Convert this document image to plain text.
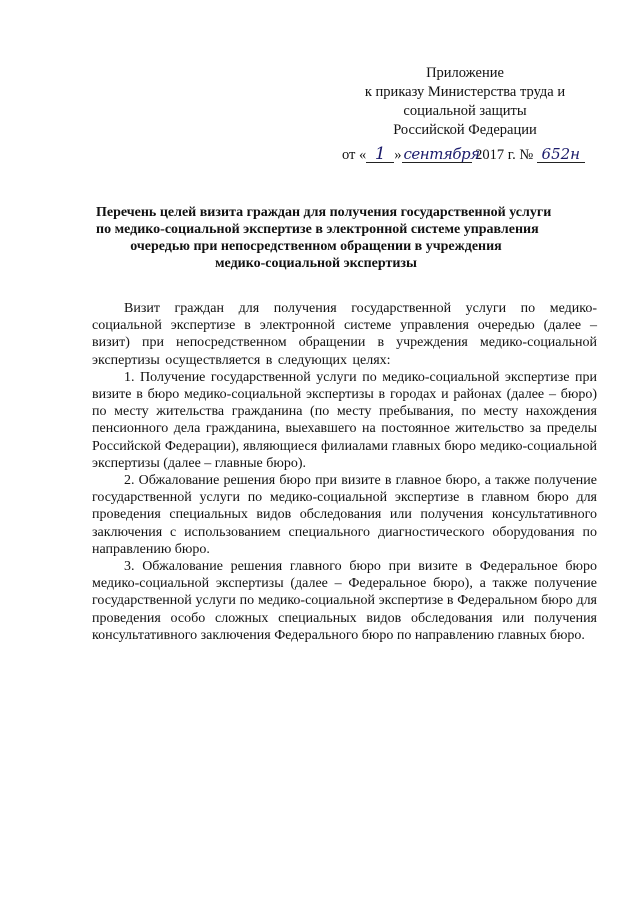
Приложение
к приказу Министерства труда и
социальной защиты
Российской Федерации
от « 1 » сентября
2017 г. № 652н
Перечень целей визита граждан для получения государственной услуги
по медико-социальной экспертизе в электронной системе управления
очередью при непосредственном обращении в учреждения
медико-социальной экспертизы

Визит граждан для получения государственной услуги по медико-социальной экспертизе в электронной системе управления очередью (далее – визит) при непосредственном обращении в учреждения медико-социальной экспертизы осуществляется в следующих целях:

1. Получение государственной услуги по медико-социальной экспертизе при визите в бюро медико-социальной экспертизы в городах и районах (далее – бюро) по месту жительства гражданина (по месту пребывания, по месту нахождения пенсионного дела гражданина, выехавшего на постоянное жительство за пределы Российской Федерации), являющиеся филиалами главных бюро медико-социальной экспертизы (далее – главные бюро).

2. Обжалование решения бюро при визите в главное бюро, а также получение государственной услуги по медико-социальной экспертизе в главном бюро для проведения специальных видов обследования или получения консультативного заключения с использованием специального диагностического оборудования по направлению бюро.

3. Обжалование решения главного бюро при визите в Федеральное бюро медико-социальной экспертизы (далее – Федеральное бюро), а также получение государственной услуги по медико-социальной экспертизе в Федеральном бюро для проведения особо сложных специальных видов обследования или получения консультативного заключения Федерального бюро по направлению главных бюро.
